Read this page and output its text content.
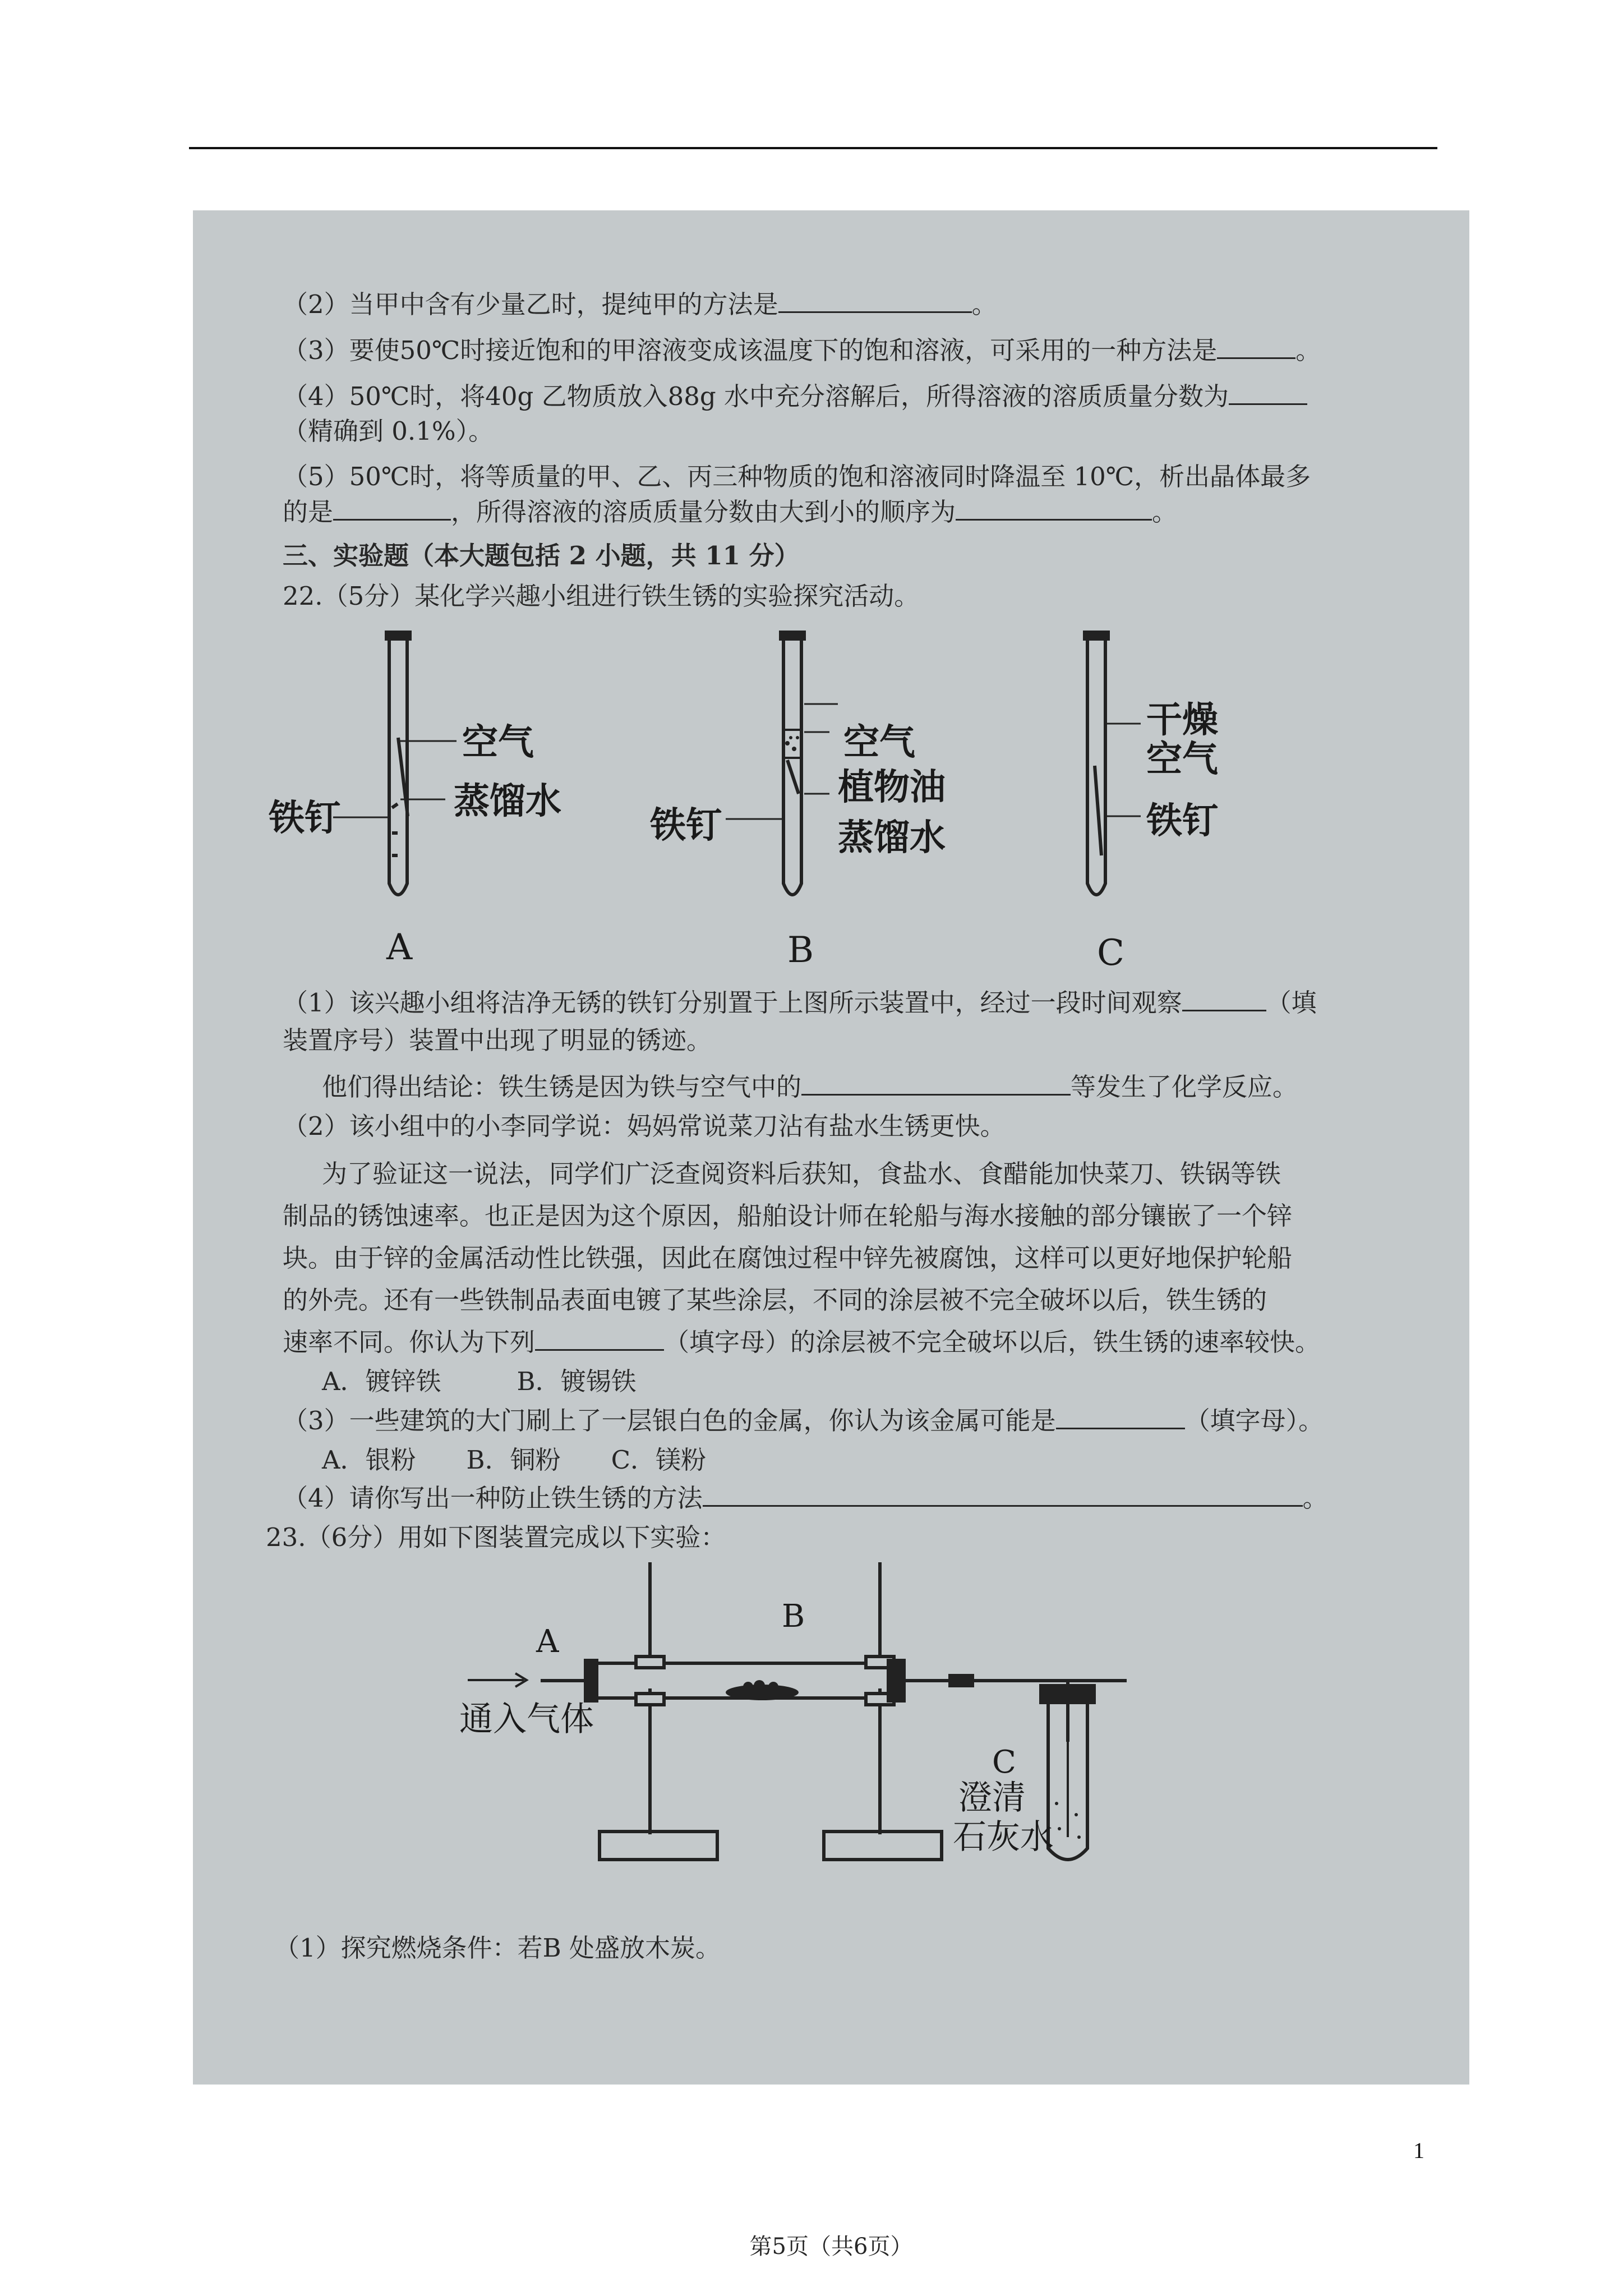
（2）当甲中含有少量乙时，提纯甲的方法是	。
（3）要使50℃时接近饱和的甲溶液变成该温度下的饱和溶液，可采用的一种方法是	。
（4）50℃时，将40g 乙物质放入88g 水中充分溶解后，所得溶液的溶质质量分数为
（精确到 0.1%）。
（5）50℃时，将等质量的甲、乙、丙三种物质的饱和溶液同时降温至 10℃，析出晶体最多
的是	，所得溶液的溶质质量分数由大到小的顺序为	。
三、实验题（本大题包括 2 小题，共 11 分）
22.（5分）某化学兴趣小组进行铁生锈的实验探究活动。
空气
铁钉	蒸馏水
空气
植物油
铁钉	蒸馏水
干燥
空气
铁钉
A	B	C
（1）该兴趣小组将洁净无锈的铁钉分别置于上图所示装置中，经过一段时间观察	（填
装置序号）装置中出现了明显的锈迹。
他们得出结论：铁生锈是因为铁与空气中的	等发生了化学反应。
（2）该小组中的小李同学说：妈妈常说菜刀沾有盐水生锈更快。
为了验证这一说法，同学们广泛查阅资料后获知，食盐水、食醋能加快菜刀、铁锅等铁
制品的锈蚀速率。也正是因为这个原因，船舶设计师在轮船与海水接触的部分镶嵌了一个锌
块。由于锌的金属活动性比铁强，因此在腐蚀过程中锌先被腐蚀，这样可以更好地保护轮船
的外壳。还有一些铁制品表面电镀了某些涂层，不同的涂层被不完全破坏以后，铁生锈的
速率不同。你认为下列	（填字母）的涂层被不完全破坏以后，铁生锈的速率较快。
A．镀锌铁　　　B．镀锡铁
（3）一些建筑的大门刷上了一层银白色的金属，你认为该金属可能是	（填字母）。
A．银粉　　B．铜粉　　C．镁粉
（4）请你写出一种防止铁生锈的方法	。
23.（6分）用如下图装置完成以下实验：
通入气体
澄清
石灰水
A
B
C
（1）探究燃烧条件：若B 处盛放木炭。
第5页（共6页）
1
